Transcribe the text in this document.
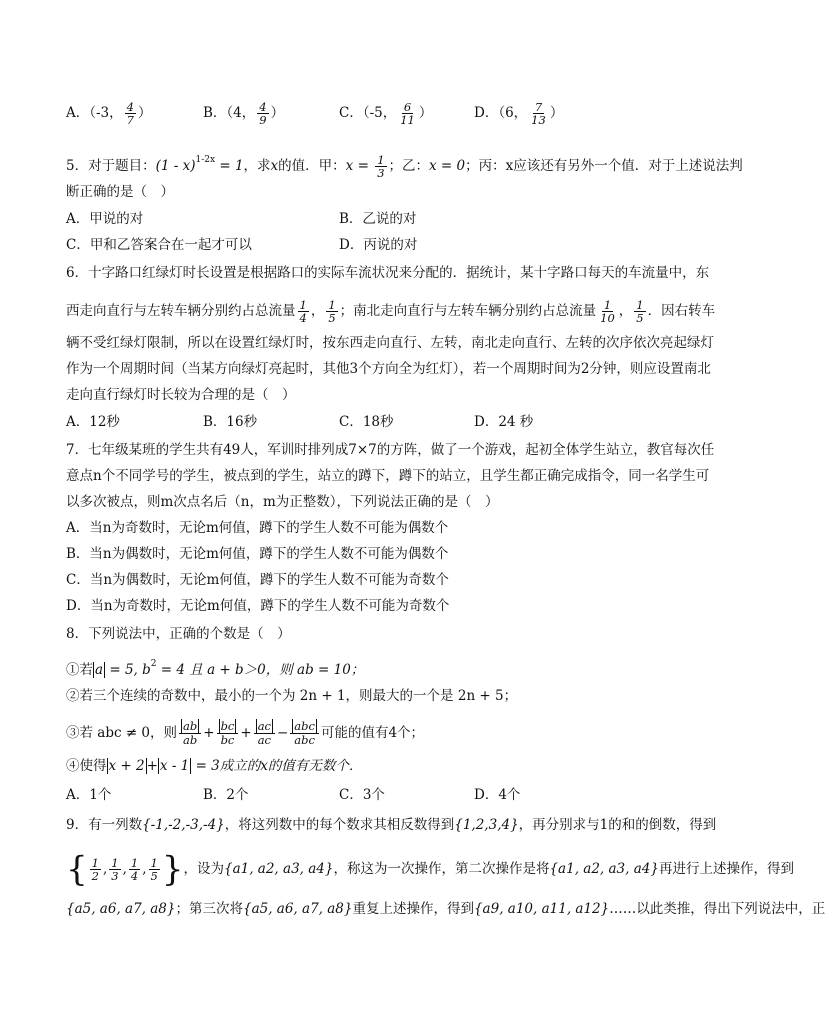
A．（-3， $\frac{4}{7}$ ）	B．（4， $\frac{4}{9}$ ）	C．（-5， $\frac{6}{11}$ ）	D．（6， $\frac{7}{13}$ ）
5．对于题目：(1 - x)$^{1-2x}$ = 1，求x的值．甲：$x = \frac{1}{3}$ ；乙：x = 0；丙：x应该还有另外一个值．对于上述说法判
断正确的是（　）
A．甲说的对	B．乙说的对
C．甲和乙答案合在一起才可以	D．丙说的对
6．十字路口红绿灯时长设置是根据路口的实际车流状况来分配的．据统计，某十字路口每天的车流量中，东
西走向直行与左转车辆分别约占总流量 $\frac{1}{4}$ ， $\frac{1}{5}$ ；南北走向直行与左转车辆分别约占总流量 $\frac{1}{10}$ ， $\frac{1}{5}$ ．因右转车
辆不受红绿灯限制，所以在设置红绿灯时，按东西走向直行、左转，南北走向直行、左转的次序依次亮起绿灯
作为一个周期时间（当某方向绿灯亮起时，其他3个方向全为红灯），若一个周期时间为2分钟，则应设置南北
走向直行绿灯时长较为合理的是（　）
A．12秒	B．16秒	C．18秒	D．24 秒
7．七年级某班的学生共有49人，军训时排列成7×7的方阵，做了一个游戏，起初全体学生站立，教官每次任
意点n个不同学号的学生，被点到的学生，站立的蹲下，蹲下的站立，且学生都正确完成指令，同一名学生可
以多次被点，则m次点名后（n，m为正整数），下列说法正确的是（　）
A．当n为奇数时，无论m何值，蹲下的学生人数不可能为偶数个
B．当n为偶数时，无论m何值，蹲下的学生人数不可能为偶数个
C．当n为偶数时，无论m何值，蹲下的学生人数不可能为奇数个
D．当n为奇数时，无论m何值，蹲下的学生人数不可能为奇数个
8．下列说法中，正确的个数是（　）
①若 a = 5, $b^2 = 4$ 且 a + b＞0，则 ab = 10；
②若三个连续的奇数中，最小的一个为 2n + 1，则最大的一个是 2n + 5；
③若 abc ≠ 0，则 $\frac{ab}{ab} + \frac{bc}{bc} + \frac{ac}{ac} - \frac{\text{abc}}{\text{abc}}$ 可能的值有4个；
④使得 x + 2 + x - 1 = 3成立的x的值有无数个．
A．1个	B．2个	C．3个	D．4个
9．有一列数{-1,-2,-3,-4}，将这列数中的每个数求其相反数得到{1,2,3,4}，再分别求与1的和的倒数，得到
{ $\frac{1}{2}$ , $\frac{1}{3}$ , $\frac{1}{4}$ , $\frac{1}{5}$ }，设为{a1, a2, a3, a4}，称这为一次操作，第二次操作是将{a1, a2, a3, a4}再进行上述操作，得到
{a5, a6, a7, a8}；第三次将{a5, a6, a7, a8}重复上述操作，得到{a9, a10, a11, a12}……以此类推，得出下列说法中，正
